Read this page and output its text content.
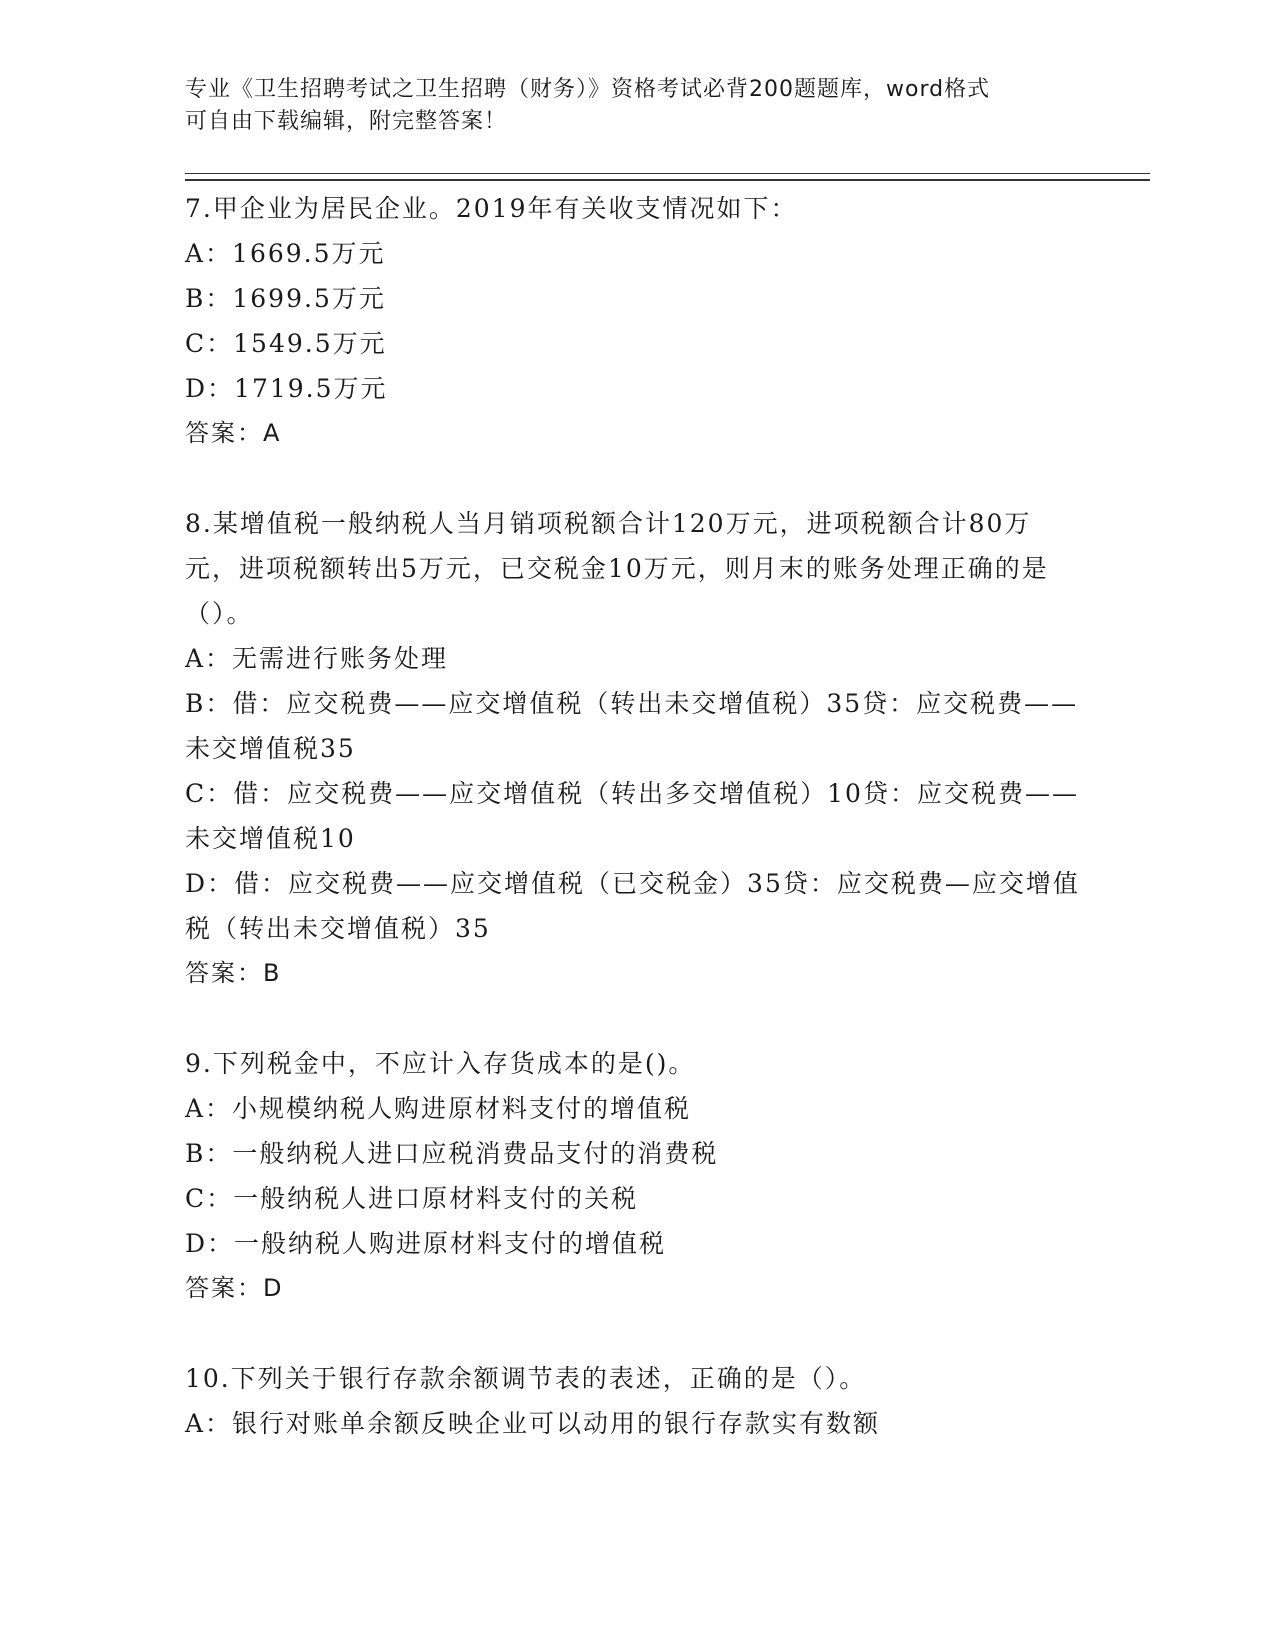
专业《卫生招聘考试之卫生招聘（财务）》资格考试必背200题题库，word格式
可自由下载编辑，附完整答案！

7.甲企业为居民企业。2019年有关收支情况如下：

A：1669.5万元

B：1699.5万元

C：1549.5万元

D：1719.5万元

答案：A

8.某增值税一般纳税人当月销项税额合计120万元，进项税额合计80万元，进项税额转出5万元，已交税金10万元，则月末的账务处理正确的是（）。

A：无需进行账务处理

B：借：应交税费——应交增值税（转出未交增值税）35贷：应交税费——未交增值税35

C：借：应交税费——应交增值税（转出多交增值税）10贷：应交税费——未交增值税10

D：借：应交税费——应交增值税（已交税金）35贷：应交税费—应交增值税（转出未交增值税）35

答案：B

9.下列税金中，不应计入存货成本的是()。

A：小规模纳税人购进原材料支付的增值税

B：一般纳税人进口应税消费品支付的消费税

C：一般纳税人进口原材料支付的关税

D：一般纳税人购进原材料支付的增值税

答案：D

10.下列关于银行存款余额调节表的表述，正确的是（）。

A：银行对账单余额反映企业可以动用的银行存款实有数额
